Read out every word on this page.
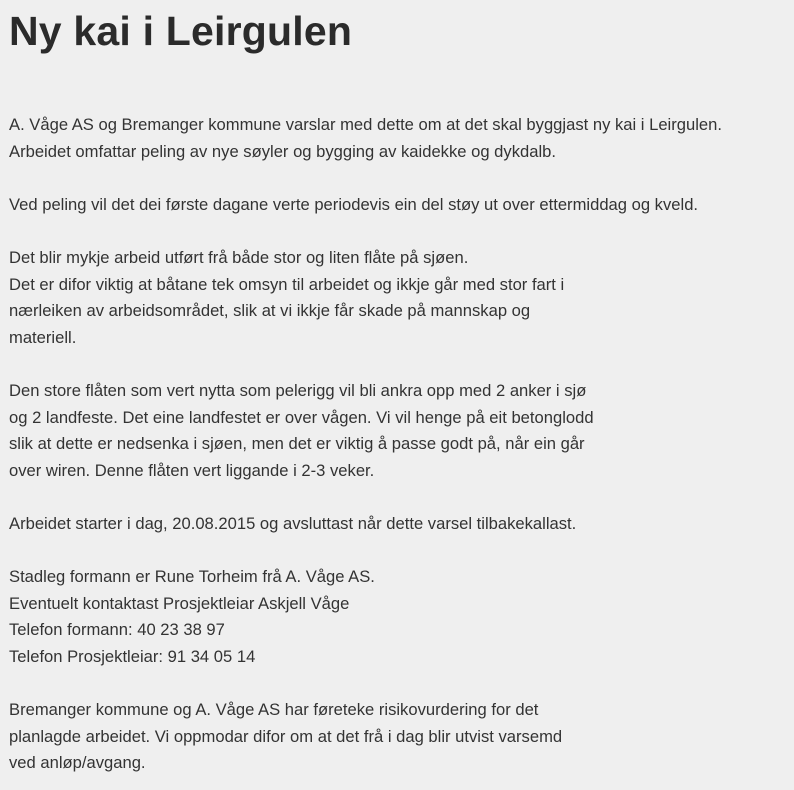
Ny kai i Leirgulen

A. Våge AS og Bremanger kommune varslar med dette om at det skal byggjast ny kai i Leirgulen.
Arbeidet omfattar peling av nye søyler og bygging av kaidekke og dykdalb.

Ved peling vil det dei første dagane verte periodevis ein del støy ut over ettermiddag og kveld.

Det blir mykje arbeid utført frå både stor og liten flåte på sjøen.
Det er difor viktig at båtane tek omsyn til arbeidet og ikkje går med stor fart i
nærleiken av arbeidsområdet, slik at vi ikkje får skade på mannskap og
materiell.

Den store flåten som vert nytta som pelerigg vil bli ankra opp med 2 anker i sjø
og 2 landfeste. Det eine landfestet er over vågen. Vi vil henge på eit betonglodd
slik at dette er nedsenka i sjøen, men det er viktig å passe godt på, når ein går
over wiren. Denne flåten vert liggande i 2-3 veker.

Arbeidet starter i dag, 20.08.2015 og avsluttast når dette varsel tilbakekallast.

Stadleg formann er Rune Torheim frå A. Våge AS.
Eventuelt kontaktast Prosjektleiar Askjell Våge
Telefon formann: 40 23 38 97
Telefon Prosjektleiar: 91 34 05 14

Bremanger kommune og A. Våge AS har føreteke risikovurdering for det
planlagde arbeidet. Vi oppmodar difor om at det frå i dag blir utvist varsemd
ved anløp/avgang.
